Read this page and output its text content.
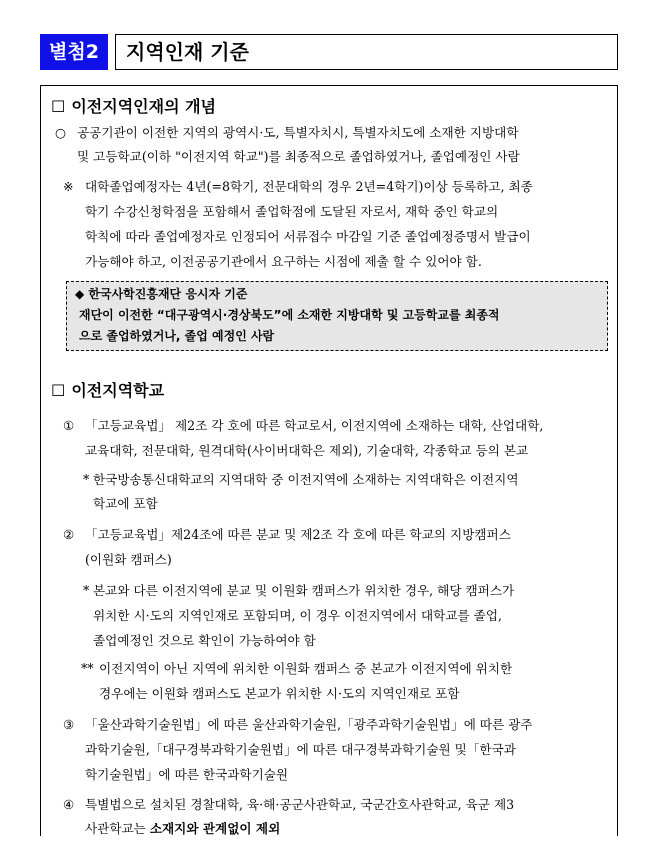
별첨2	지역인재 기준
☐ 이전지역인재의 개념
○ 공공기관이 이전한 지역의 광역시·도, 특별자치시, 특별자치도에 소재한 지방대학
및 고등학교(이하 "이전지역 학교")를 최종적으로 졸업하였거나, 졸업예정인 사람
※ 대학졸업예정자는 4년(=8학기, 전문대학의 경우 2년=4학기)이상 등록하고, 최종
학기 수강신청학점을 포함해서 졸업학점에 도달된 자로서, 재학 중인 학교의
학칙에 따라 졸업예정자로 인정되어 서류접수 마감일 기준 졸업예정증명서 발급이
가능해야 하고, 이전공공기관에서 요구하는 시점에 제출 할 수 있어야 함.
◆ 한국사학진흥재단 응시자 기준
재단이 이전한 “대구광역시·경상북도”에 소재한 지방대학 및 고등학교를 최종적
으로 졸업하였거나, 졸업 예정인 사람
☐ 이전지역학교
① 「고등교육법」 제2조 각 호에 따른 학교로서, 이전지역에 소재하는 대학, 산업대학,
교육대학, 전문대학, 원격대학(사이버대학은 제외), 기술대학, 각종학교 등의 본교
* 한국방송통신대학교의 지역대학 중 이전지역에 소재하는 지역대학은 이전지역
학교에 포함
② 「고등교육법」제24조에 따른 분교 및 제2조 각 호에 따른 학교의 지방캠퍼스
(이원화 캠퍼스)
* 본교와 다른 이전지역에 분교 및 이원화 캠퍼스가 위치한 경우, 해당 캠퍼스가
위치한 시·도의 지역인재로 포함되며, 이 경우 이전지역에서 대학교를 졸업,
졸업예정인 것으로 확인이 가능하여야 함
** 이전지역이 아닌 지역에 위치한 이원화 캠퍼스 중 본교가 이전지역에 위치한
경우에는 이원화 캠퍼스도 본교가 위치한 시·도의 지역인재로 포함
③ 「울산과학기술원법」에 따른 울산과학기술원,「광주과학기술원법」에 따른 광주
과학기술원,「대구경북과학기술원법」에 따른 대구경북과학기술원 및「한국과
학기술원법」에 따른 한국과학기술원
④ 특별법으로 설치된 경찰대학, 육·해·공군사관학교, 국군간호사관학교, 육군 제3
사관학교는 소재지와 관계없이 제외
